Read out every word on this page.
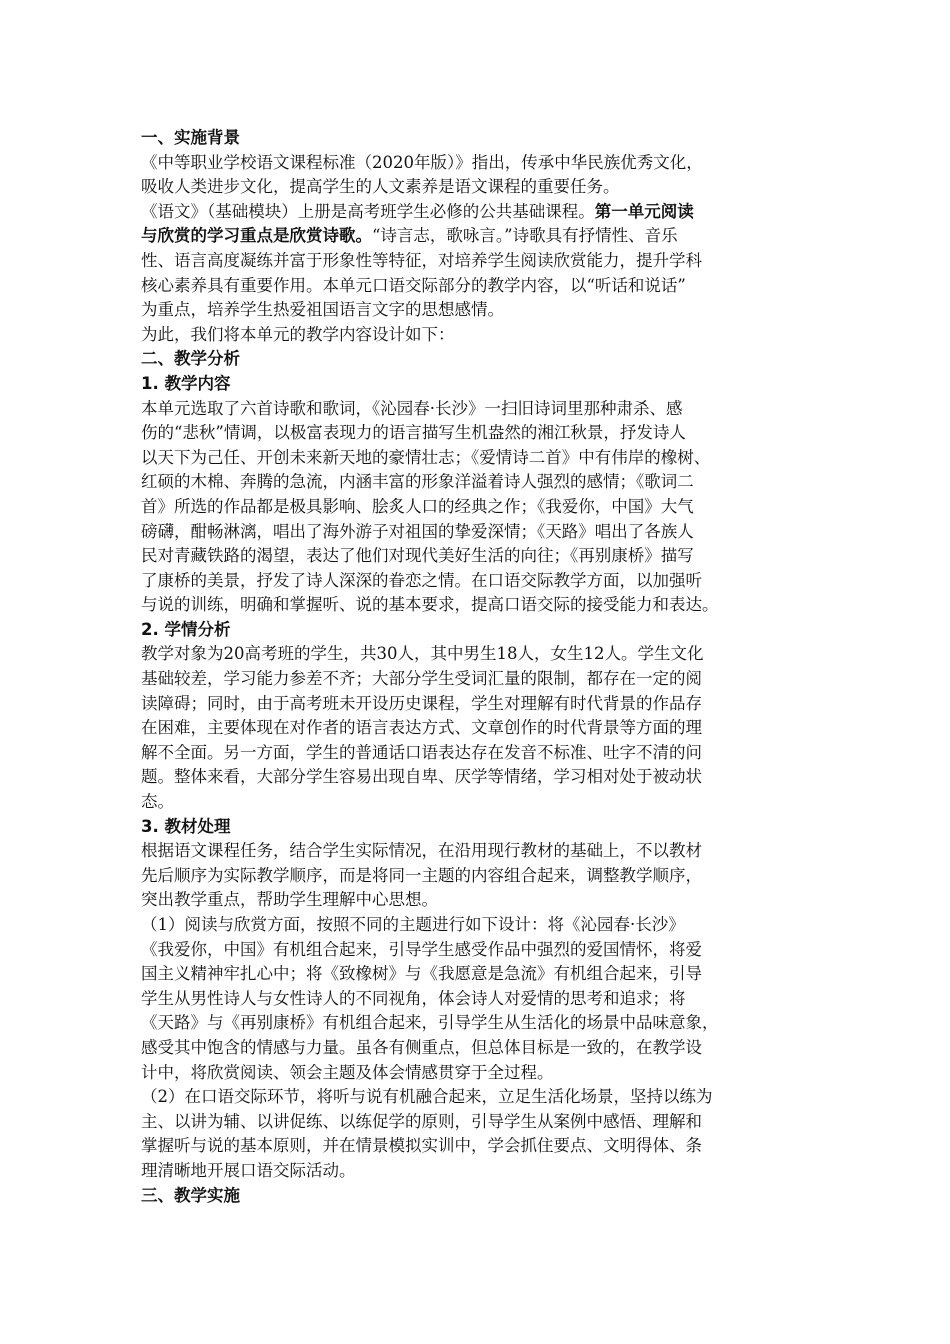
一、实施背景
《中等职业学校语文课程标准（2020年版）》指出，传承中华民族优秀文化，
吸收人类进步文化，提高学生的人文素养是语文课程的重要任务。
《语文》（基础模块）上册是高考班学生必修的公共基础课程。第一单元阅读
与欣赏的学习重点是欣赏诗歌。“诗言志，歌咏言。”诗歌具有抒情性、音乐
性、语言高度凝练并富于形象性等特征，对培养学生阅读欣赏能力，提升学科
核心素养具有重要作用。本单元口语交际部分的教学内容，以“听话和说话”
为重点，培养学生热爱祖国语言文字的思想感情。
为此，我们将本单元的教学内容设计如下：
二、教学分析
1. 教学内容
本单元选取了六首诗歌和歌词，《沁园春·长沙》一扫旧诗词里那种肃杀、感
伤的“悲秋”情调，以极富表现力的语言描写生机盎然的湘江秋景，抒发诗人
以天下为己任、开创未来新天地的豪情壮志；《爱情诗二首》中有伟岸的橡树、
红硕的木棉、奔腾的急流，内涵丰富的形象洋溢着诗人强烈的感情；《歌词二
首》所选的作品都是极具影响、脍炙人口的经典之作；《我爱你，中国》大气
磅礴，酣畅淋漓，唱出了海外游子对祖国的挚爱深情；《天路》唱出了各族人
民对青藏铁路的渴望，表达了他们对现代美好生活的向往；《再别康桥》描写
了康桥的美景，抒发了诗人深深的眷恋之情。在口语交际教学方面，以加强听
与说的训练，明确和掌握听、说的基本要求，提高口语交际的接受能力和表达。
2. 学情分析
教学对象为20高考班的学生，共30人，其中男生18人，女生12人。学生文化
基础较差，学习能力参差不齐；大部分学生受词汇量的限制，都存在一定的阅
读障碍；同时，由于高考班未开设历史课程，学生对理解有时代背景的作品存
在困难，主要体现在对作者的语言表达方式、文章创作的时代背景等方面的理
解不全面。另一方面，学生的普通话口语表达存在发音不标准、吐字不清的问
题。整体来看，大部分学生容易出现自卑、厌学等情绪，学习相对处于被动状
态。
3. 教材处理
根据语文课程任务，结合学生实际情况，在沿用现行教材的基础上，不以教材
先后顺序为实际教学顺序，而是将同一主题的内容组合起来，调整教学顺序，
突出教学重点，帮助学生理解中心思想。
（1）阅读与欣赏方面，按照不同的主题进行如下设计：将《沁园春·长沙》
《我爱你，中国》有机组合起来，引导学生感受作品中强烈的爱国情怀，将爱
国主义精神牢扎心中；将《致橡树》与《我愿意是急流》有机组合起来，引导
学生从男性诗人与女性诗人的不同视角，体会诗人对爱情的思考和追求；将
《天路》与《再别康桥》有机组合起来，引导学生从生活化的场景中品味意象，
感受其中饱含的情感与力量。虽各有侧重点，但总体目标是一致的，在教学设
计中，将欣赏阅读、领会主题及体会情感贯穿于全过程。
（2）在口语交际环节，将听与说有机融合起来，立足生活化场景，坚持以练为
主、以讲为辅、以讲促练、以练促学的原则，引导学生从案例中感悟、理解和
掌握听与说的基本原则，并在情景模拟实训中，学会抓住要点、文明得体、条
理清晰地开展口语交际活动。
三、教学实施
